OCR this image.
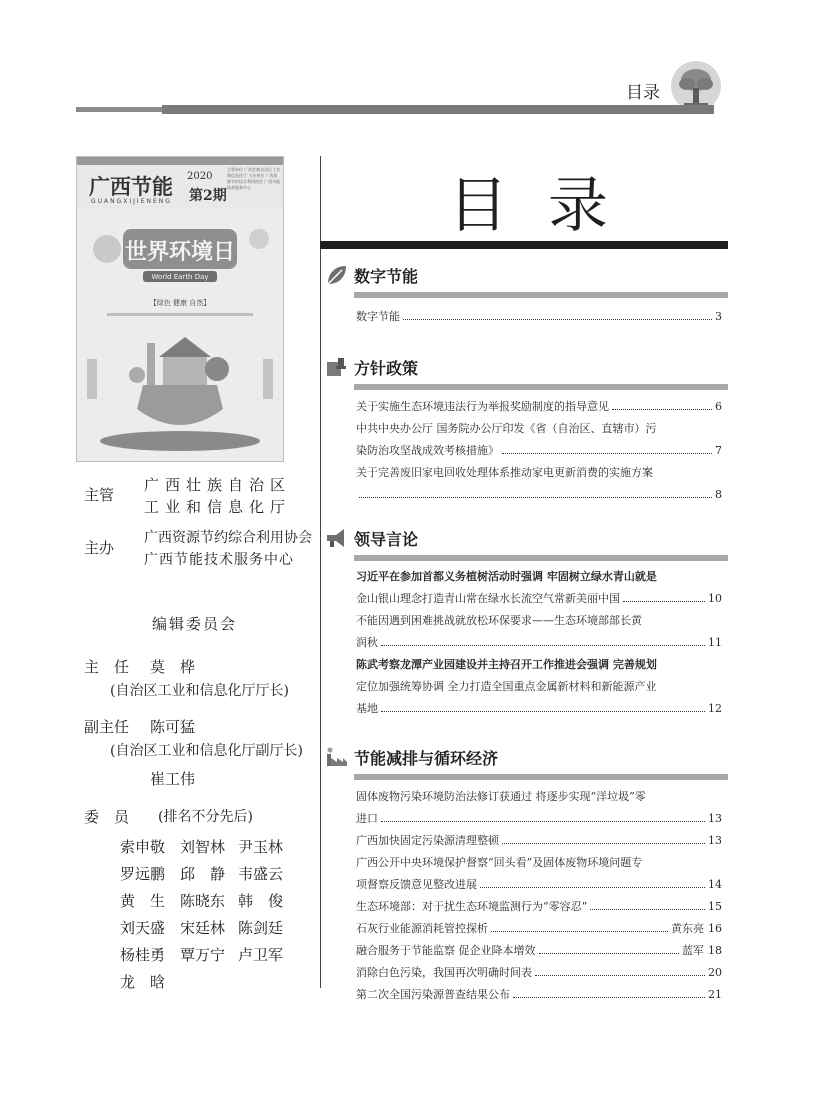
目录
广西节能 2020
第2期
GUANGXIJIENENG
主管单位 广西壮族自治区工业和信息化厅 主办单位 广西资源节约综合利用协会 广西节能技术服务中心
世界环境日
World Earth Day
【绿色 健康 自然】
主管
广西壮族自治区
工业和信息化厅
主办
广西资源节约综合利用协会
广西节能技术服务中心
编辑委员会
主　任 莫　桦
(自治区工业和信息化厅厅长)
副主任 陈可猛
(自治区工业和信息化厅副厅长)
崔工伟
委　员 (排名不分先后)
索申敬 刘智林 尹玉林
罗远鹏 邱　静 韦盛云
黄　生 陈晓东 韩　俊
刘天盛 宋廷林 陈剑廷
杨桂勇 覃万宁 卢卫军
龙　晗
目录
数字节能
数字节能	3
方针政策
关于实施生态环境违法行为举报奖励制度的指导意见	6
中共中央办公厅 国务院办公厅印发《省（自治区、直辖市）污
染防治攻坚战成效考核措施》	7
关于完善废旧家电回收处理体系推动家电更新消费的实施方案
8
领导言论
习近平在参加首都义务植树活动时强调 牢固树立绿水青山就是
金山银山理念打造青山常在绿水长流空气常新美丽中国	10
不能因遇到困难挑战就放松环保要求——生态环境部部长黄
润秋	11
陈武考察龙潭产业园建设并主持召开工作推进会强调 完善规划
定位加强统筹协调 全力打造全国重点金属新材料和新能源产业
基地	12
节能减排与循环经济
固体废物污染环境防治法修订获通过 将逐步实现“洋垃圾”零
进口	13
广西加快固定污染源清理整顿	13
广西公开中央环境保护督察“回头看”及固体废物环境问题专
项督察反馈意见整改进展	14
生态环境部：对于扰生态环境监测行为“零容忍”	15
石灰行业能源消耗管控探析	黄东亮 16
融合服务于节能监察 促企业降本增效	蓝军 18
消除白色污染，我国再次明确时间表	20
第二次全国污染源普查结果公布	21
